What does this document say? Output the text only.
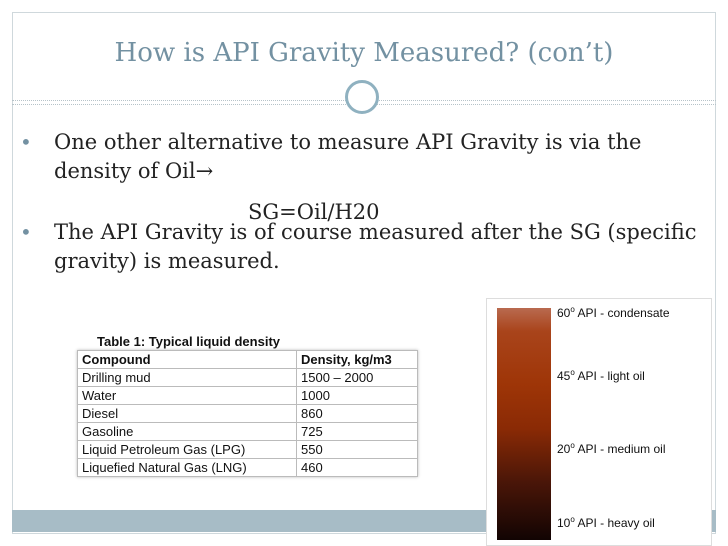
How is API Gravity Measured? (con’t)
• One other alternative to measure API Gravity is via the density of Oil→
• The API Gravity is of course measured after the SG (specific gravity) is measured.
SG=Oil/H20
Table 1: Typical liquid density
Compound	Density, kg/m3
Drilling mud	1500 – 2000
Water	1000
Diesel	860
Gasoline	725
Liquid Petroleum Gas (LPG)	550
Liquefied Natural Gas (LNG)	460
60$^o$ API - condensate
45$^o$ API - light oil
20$^o$ API - medium oil
10$^o$ API - heavy oil
